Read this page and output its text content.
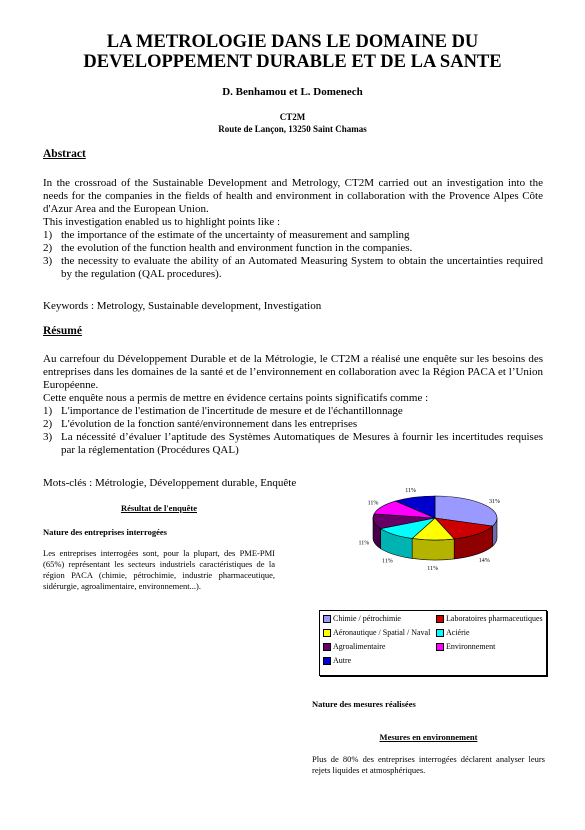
LA METROLOGIE DANS LE DOMAINE DU
DEVELOPPEMENT DURABLE ET DE LA SANTE
D. Benhamou et L. Domenech
CT2M
Route de Lançon, 13250 Saint Chamas
Abstract
In the crossroad of the Sustainable Development and Metrology, CT2M carried out an investigation into the needs for the companies in the fields of health and environment in collaboration with the Provence Alpes Côte d'Azur Area and the European Union.
This investigation enabled us to highlight points like :
1) the importance of the estimate of the uncertainty of measurement and sampling
2) the evolution of the function health and environment function in the companies.
3) the necessity to evaluate the ability of an Automated Measuring System to obtain the uncertainties required by the regulation (QAL procedures).
Keywords : Metrology, Sustainable development, Investigation
Résumé
Au carrefour du Développement Durable et de la Métrologie, le CT2M a réalisé une enquête sur les besoins des entreprises dans les domaines de la santé et de l’environnement en collaboration avec la Région PACA et l’Union Européenne.
Cette enquête nous a permis de mettre en évidence certains points significatifs comme :
1) L'importance de l'estimation de l'incertitude de mesure et de l'échantillonnage
2) L'évolution de la fonction santé/environnement dans les entreprises
3) La nécessité d’évaluer l’aptitude des Systèmes Automatiques de Mesures à fournir les incertitudes requises par la réglementation (Procédures QAL)
Mots-clés : Métrologie, Développement durable, Enquête
Résultat de l'enquête
Nature des entreprises interrogées
Les entreprises interrogées sont, pour la plupart, des PME-PMI (65%) représentant les secteurs industriels caractéristiques de la région PACA (chimie, pétrochimie, industrie pharmaceutique, sidérurgie, agroalimentaire, environnement...).
31%
14%
11%
11%
11%
11%
11%
Chimie / pétrochimie	Laboratoires pharmaceutiques
Aéronautique / Spatial / Naval Aciérie
Agroalimentaire	Environnement
Autre
Nature des mesures réalisées
Mesures en environnement
Plus de 80% des entreprises interrogées déclarent analyser leurs rejets liquides et atmosphériques.
